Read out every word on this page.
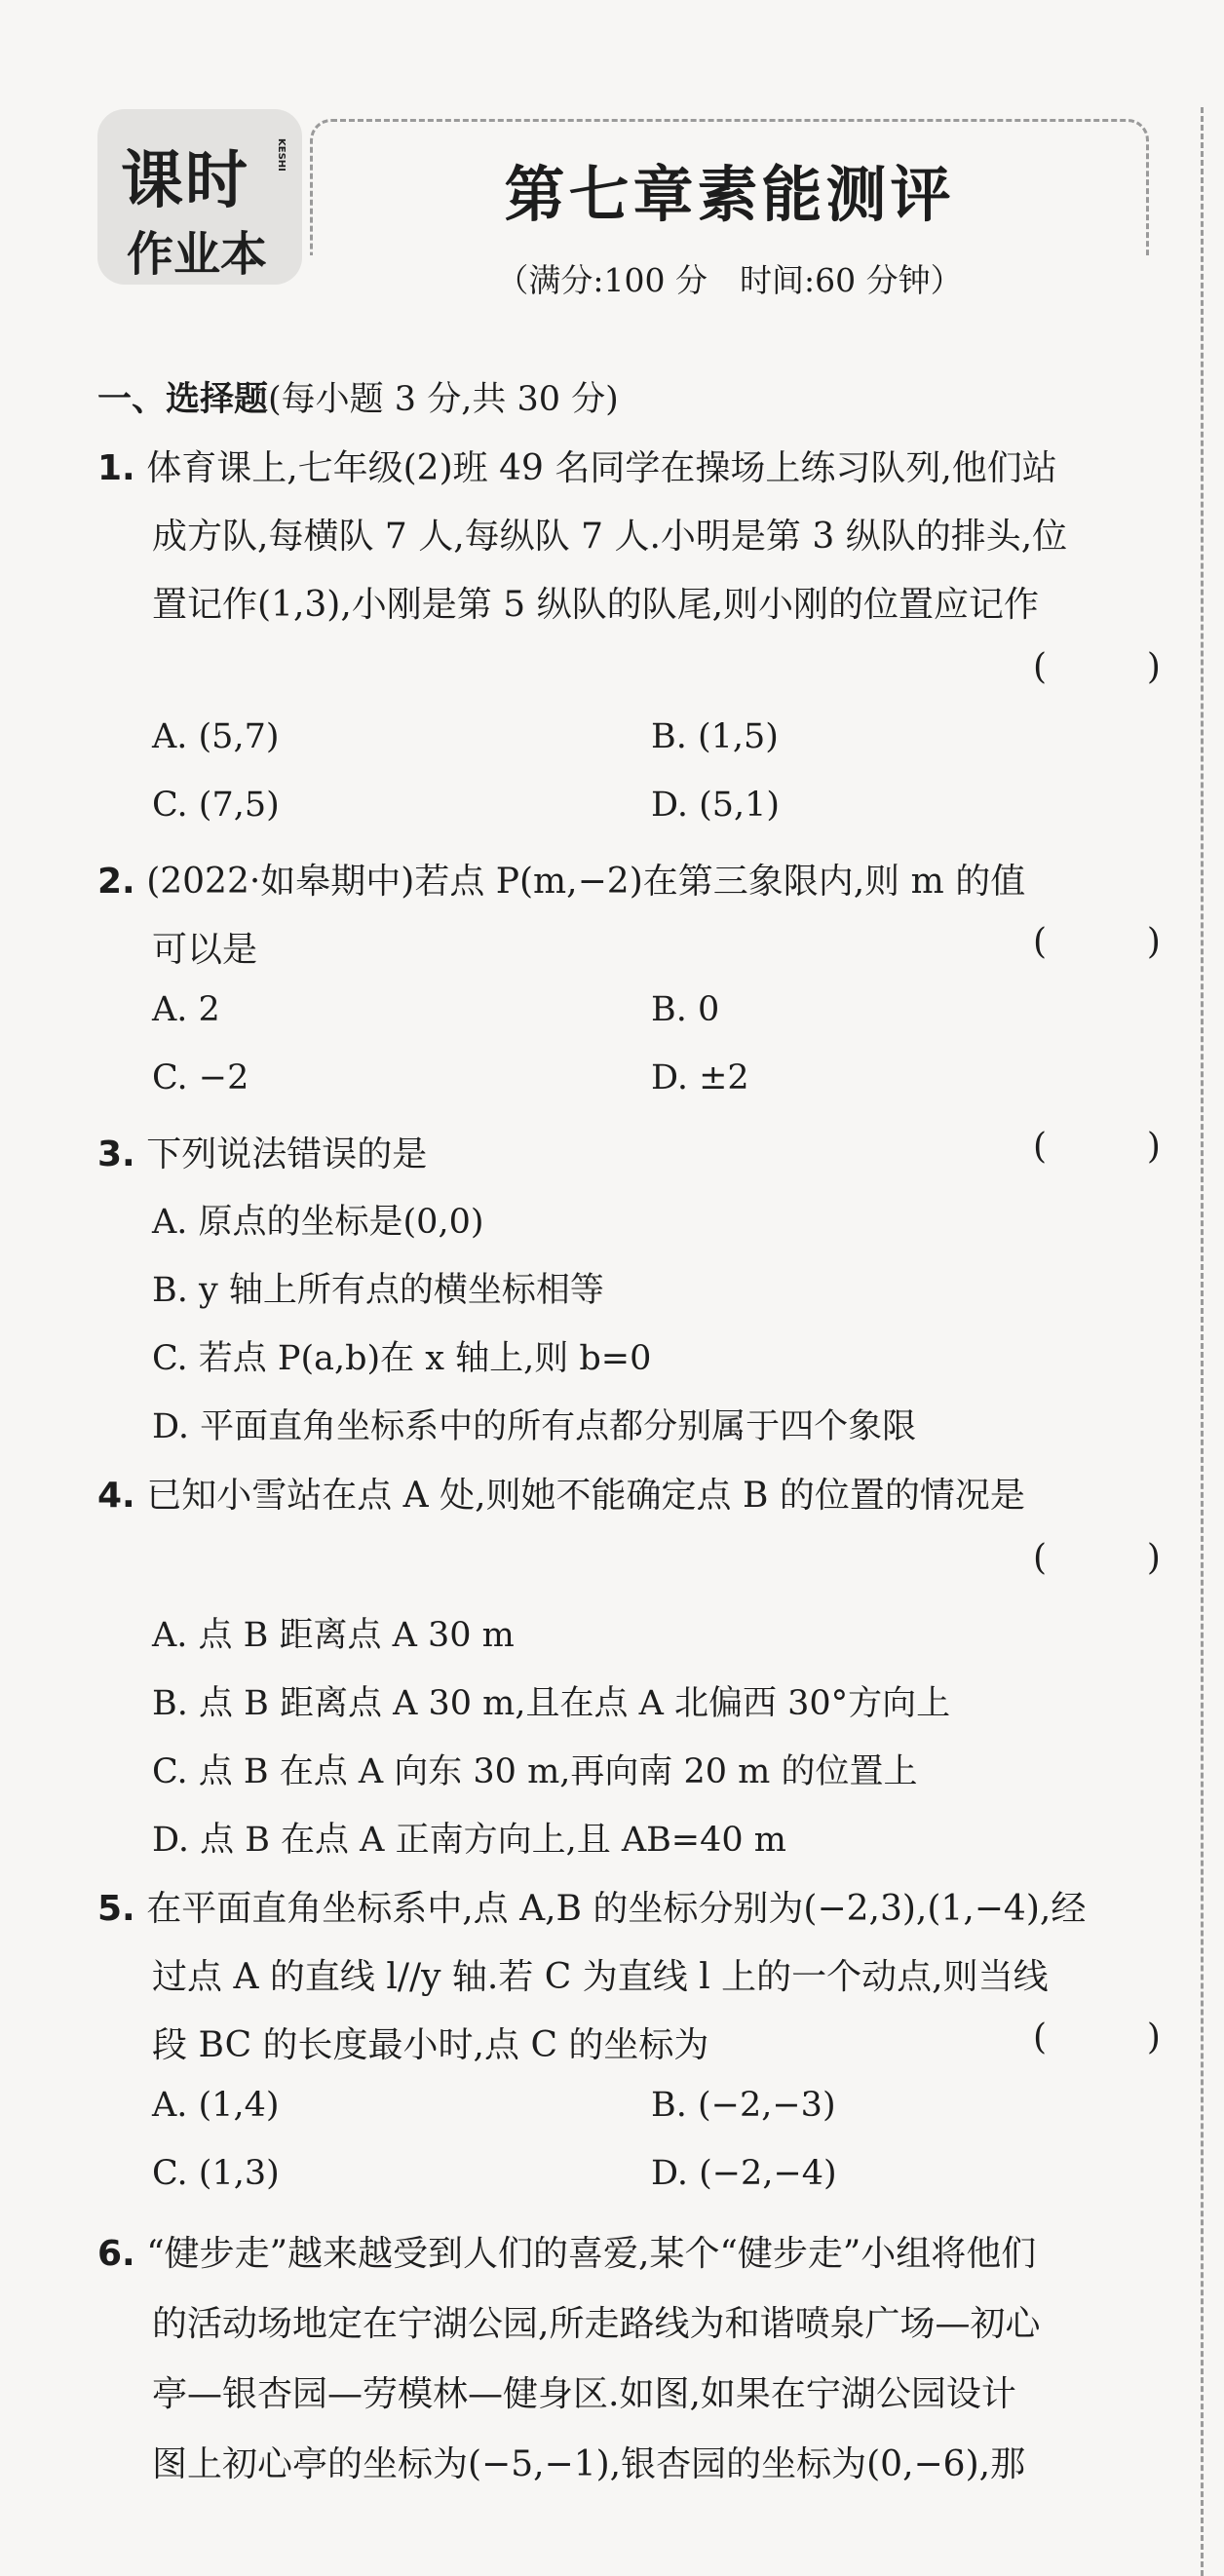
课时	KESHI
作业本
第七章素能测评
（满分:100 分　时间:60 分钟）
一、选择题(每小题 3 分,共 30 分)
1. 体育课上,七年级(2)班 49 名同学在操场上练习队列,他们站
成方队,每横队 7 人,每纵队 7 人.小明是第 3 纵队的排头,位
置记作(1,3),小刚是第 5 纵队的队尾,则小刚的位置应记作
(  )
A. (5,7)	B. (1,5)
C. (7,5)	D. (5,1)
2. (2022·如皋期中)若点 P(m,−2)在第三象限内,则 m 的值
可以是	(  )
A. 2	B. 0
C. −2	D. ±2
3. 下列说法错误的是	(  )
A. 原点的坐标是(0,0)
B. y 轴上所有点的横坐标相等
C. 若点 P(a,b)在 x 轴上,则 b=0
D. 平面直角坐标系中的所有点都分别属于四个象限
4. 已知小雪站在点 A 处,则她不能确定点 B 的位置的情况是
(  )
A. 点 B 距离点 A 30 m
B. 点 B 距离点 A 30 m,且在点 A 北偏西 30°方向上
C. 点 B 在点 A 向东 30 m,再向南 20 m 的位置上
D. 点 B 在点 A 正南方向上,且 AB=40 m
5. 在平面直角坐标系中,点 A,B 的坐标分别为(−2,3),(1,−4),经
过点 A 的直线 l//y 轴.若 C 为直线 l 上的一个动点,则当线
段 BC 的长度最小时,点 C 的坐标为	(  )
A. (1,4)	B. (−2,−3)
C. (1,3)	D. (−2,−4)
6. “健步走”越来越受到人们的喜爱,某个“健步走”小组将他们
的活动场地定在宁湖公园,所走路线为和谐喷泉广场—初心
亭—银杏园—劳模林—健身区.如图,如果在宁湖公园设计
图上初心亭的坐标为(−5,−1),银杏园的坐标为(0,−6),那
